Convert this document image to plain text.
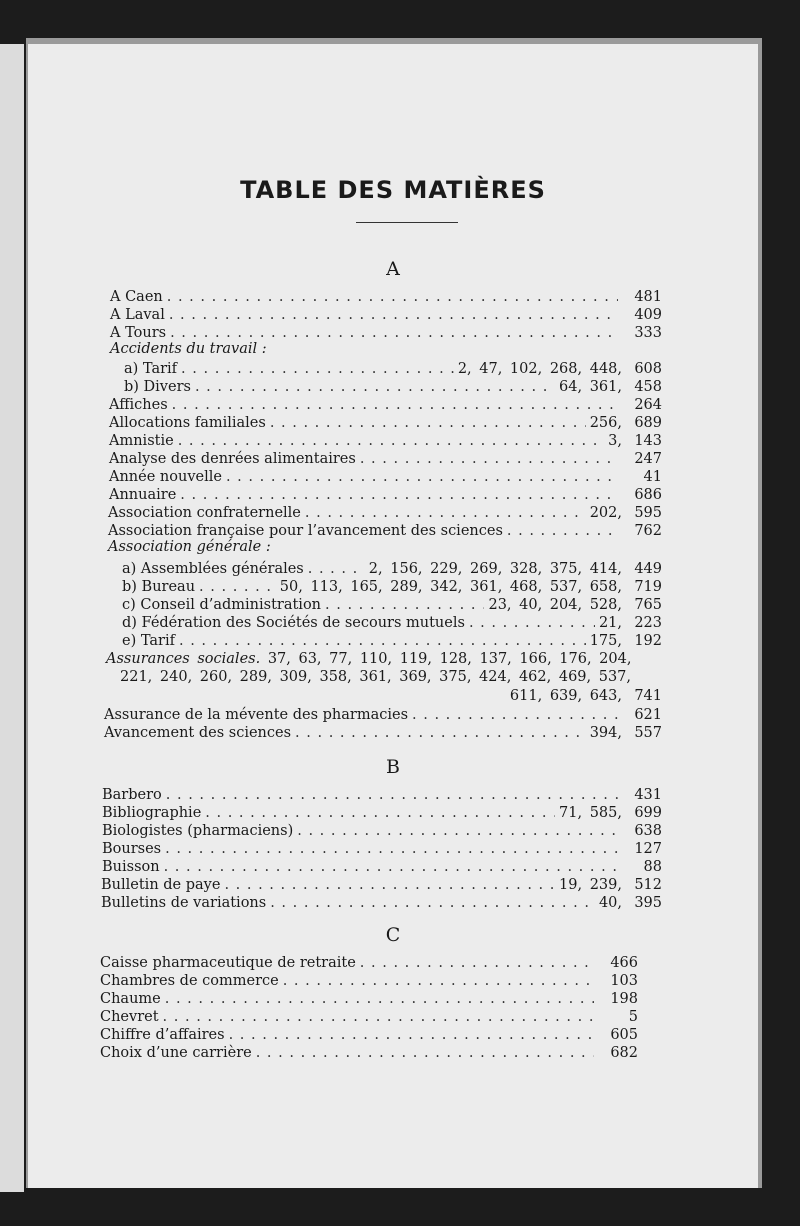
TABLE DES MATIÈRES
A
A Caen . . .	481
A Laval . . .	409
A Tours . . .	333
Accidents du travail :
a) Tarif . . .	2, 47, 102, 268, 448, 608
b) Divers . . .	64, 361, 458
Affiches . . .	264
Allocations familiales . . .	256, 689
Amnistie . . .	3, 143
Analyse des denrées alimentaires . . .	247
Année nouvelle . . .	41
Annuaire . . .	686
Association confraternelle . . .	202, 595
Association française pour l’avancement des sciences . . .	762
Association générale :
a) Assemblées générales . . .	2, 156, 229, 269, 328, 375, 414, 449
b) Bureau . . .	50, 113, 165, 289, 342, 361, 468, 537, 658, 719
c) Conseil d’administration . . .	23, 40, 204, 528, 765
d) Fédération des Sociétés de secours mutuels . . .	21, 223
e) Tarif . . .	175, 192
Assurances sociales. 37, 63, 77, 110, 119, 128, 137, 166, 176, 204,
221, 240, 260, 289, 309, 358, 361, 369, 375, 424, 462, 469, 537,
611, 639, 643, 741
Assurance de la mévente des pharmacies . . .	621
Avancement des sciences . . .	394, 557
B
Barbero . . .	431
Bibliographie . . .	71, 585, 699
Biologistes (pharmaciens) . . .	638
Bourses . . .	127
Buisson . . .	88
Bulletin de paye . . .	19, 239, 512
Bulletins de variations . . .	40, 395
C
Caisse pharmaceutique de retraite . . .	466
Chambres de commerce . . .	103
Chaume . . .	198
Chevret . . .	5
Chiffre d’affaires . . .	605
Choix d’une carrière . . .	682
